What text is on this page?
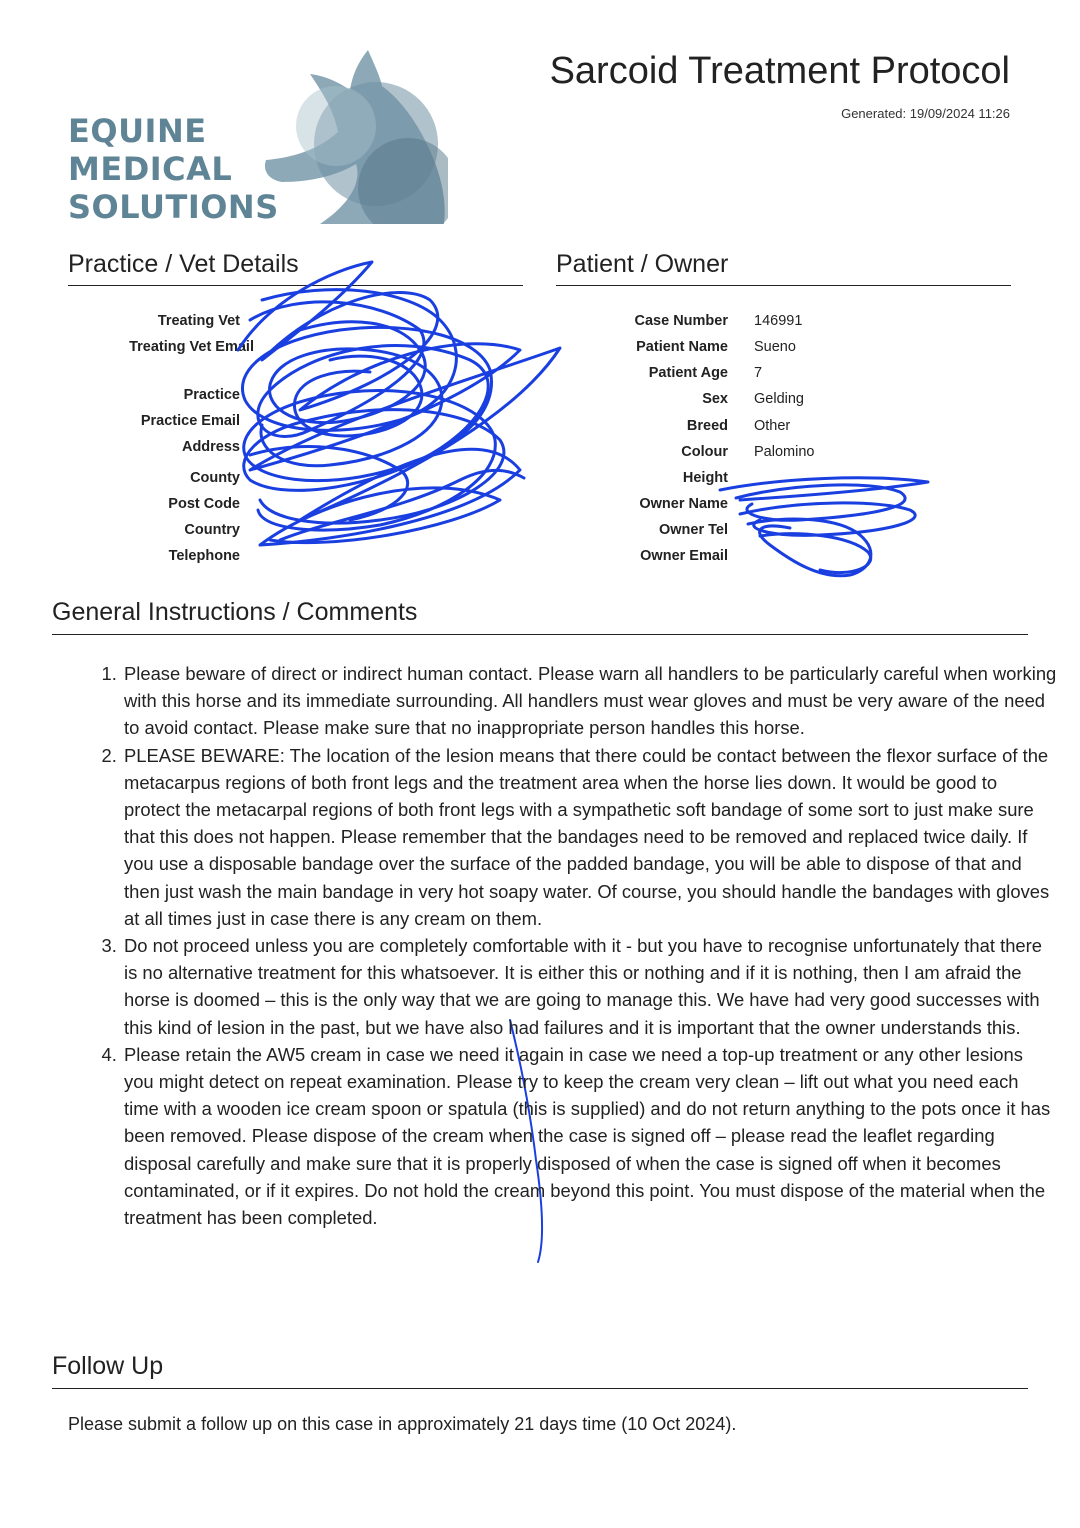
EQUINE
MEDICAL
SOLUTIONS
Sarcoid Treatment Protocol
Generated: 19/09/2024 11:26
Practice / Vet Details
Treating Vet
Treating Vet Email
Practice
Practice Email
Address
County
Post Code
Country
Telephone
Patient / Owner
Case Number 146991
Patient Name Sueno
Patient Age 7
Sex Gelding
Breed Other
Colour Palomino
Height
Owner Name
Owner Tel
Owner Email
General Instructions / Comments
1. Please beware of direct or indirect human contact. Please warn all handlers to be particularly careful when working with this horse and its immediate surrounding. All handlers must wear gloves and must be very aware of the need to avoid contact. Please make sure that no inappropriate person handles this horse.
2. PLEASE BEWARE: The location of the lesion means that there could be contact between the flexor surface of the metacarpus regions of both front legs and the treatment area when the horse lies down. It would be good to protect the metacarpal regions of both front legs with a sympathetic soft bandage of some sort to just make sure that this does not happen. Please remember that the bandages need to be removed and replaced twice daily. If you use a disposable bandage over the surface of the padded bandage, you will be able to dispose of that and then just wash the main bandage in very hot soapy water. Of course, you should handle the bandages with gloves at all times just in case there is any cream on them.
3. Do not proceed unless you are completely comfortable with it - but you have to recognise unfortunately that there is no alternative treatment for this whatsoever. It is either this or nothing and if it is nothing, then I am afraid the horse is doomed – this is the only way that we are going to manage this. We have had very good successes with this kind of lesion in the past, but we have also had failures and it is important that the owner understands this.
4. Please retain the AW5 cream in case we need it again in case we need a top-up treatment or any other lesions you might detect on repeat examination. Please try to keep the cream very clean – lift out what you need each time with a wooden ice cream spoon or spatula (this is supplied) and do not return anything to the pots once it has been removed. Please dispose of the cream when the case is signed off – please read the leaflet regarding disposal carefully and make sure that it is properly disposed of when the case is signed off when it becomes contaminated, or if it expires. Do not hold the cream beyond this point. You must dispose of the material when the treatment has been completed.
Follow Up
Please submit a follow up on this case in approximately 21 days time (10 Oct 2024).
